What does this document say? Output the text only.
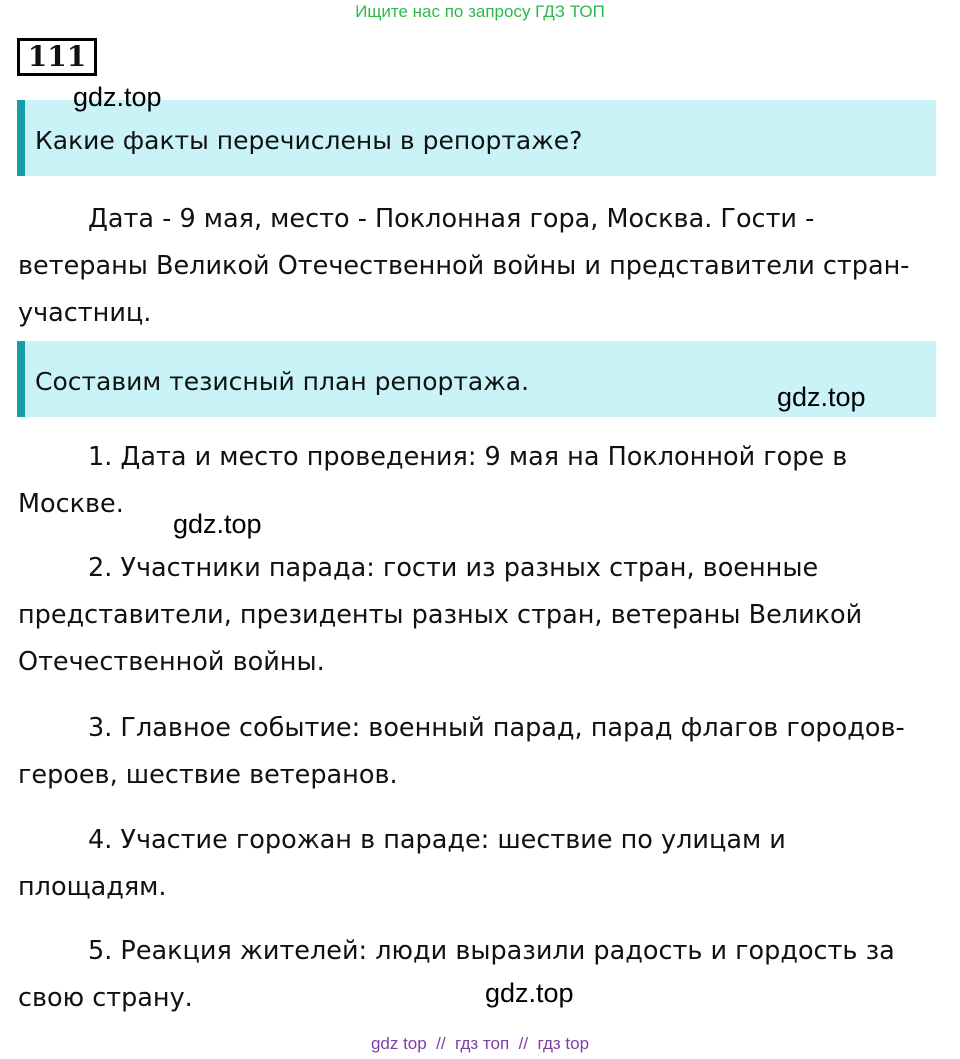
Ищите нас по запросу ГДЗ ТОП
111
Какие факты перечислены в репортаже?

Дата - 9 мая, место - Поклонная гора, Москва. Гости - ветераны Великой Отечественной войны и представители стран-участниц.

Составим тезисный план репортажа.

1. Дата и место проведения: 9 мая на Поклонной горе в Москве.

2. Участники парада: гости из разных стран, военные представители, президенты разных стран, ветераны Великой Отечественной войны.

3. Главное событие: военный парад, парад флагов городов-героев, шествие ветеранов.

4. Участие горожан в параде: шествие по улицам и площадям.

5. Реакция жителей: люди выразили радость и гордость за свою страну.

gdz.top
gdz.top
gdz.top
gdz.top
gdz top  //  гдз топ  //  гдз top
